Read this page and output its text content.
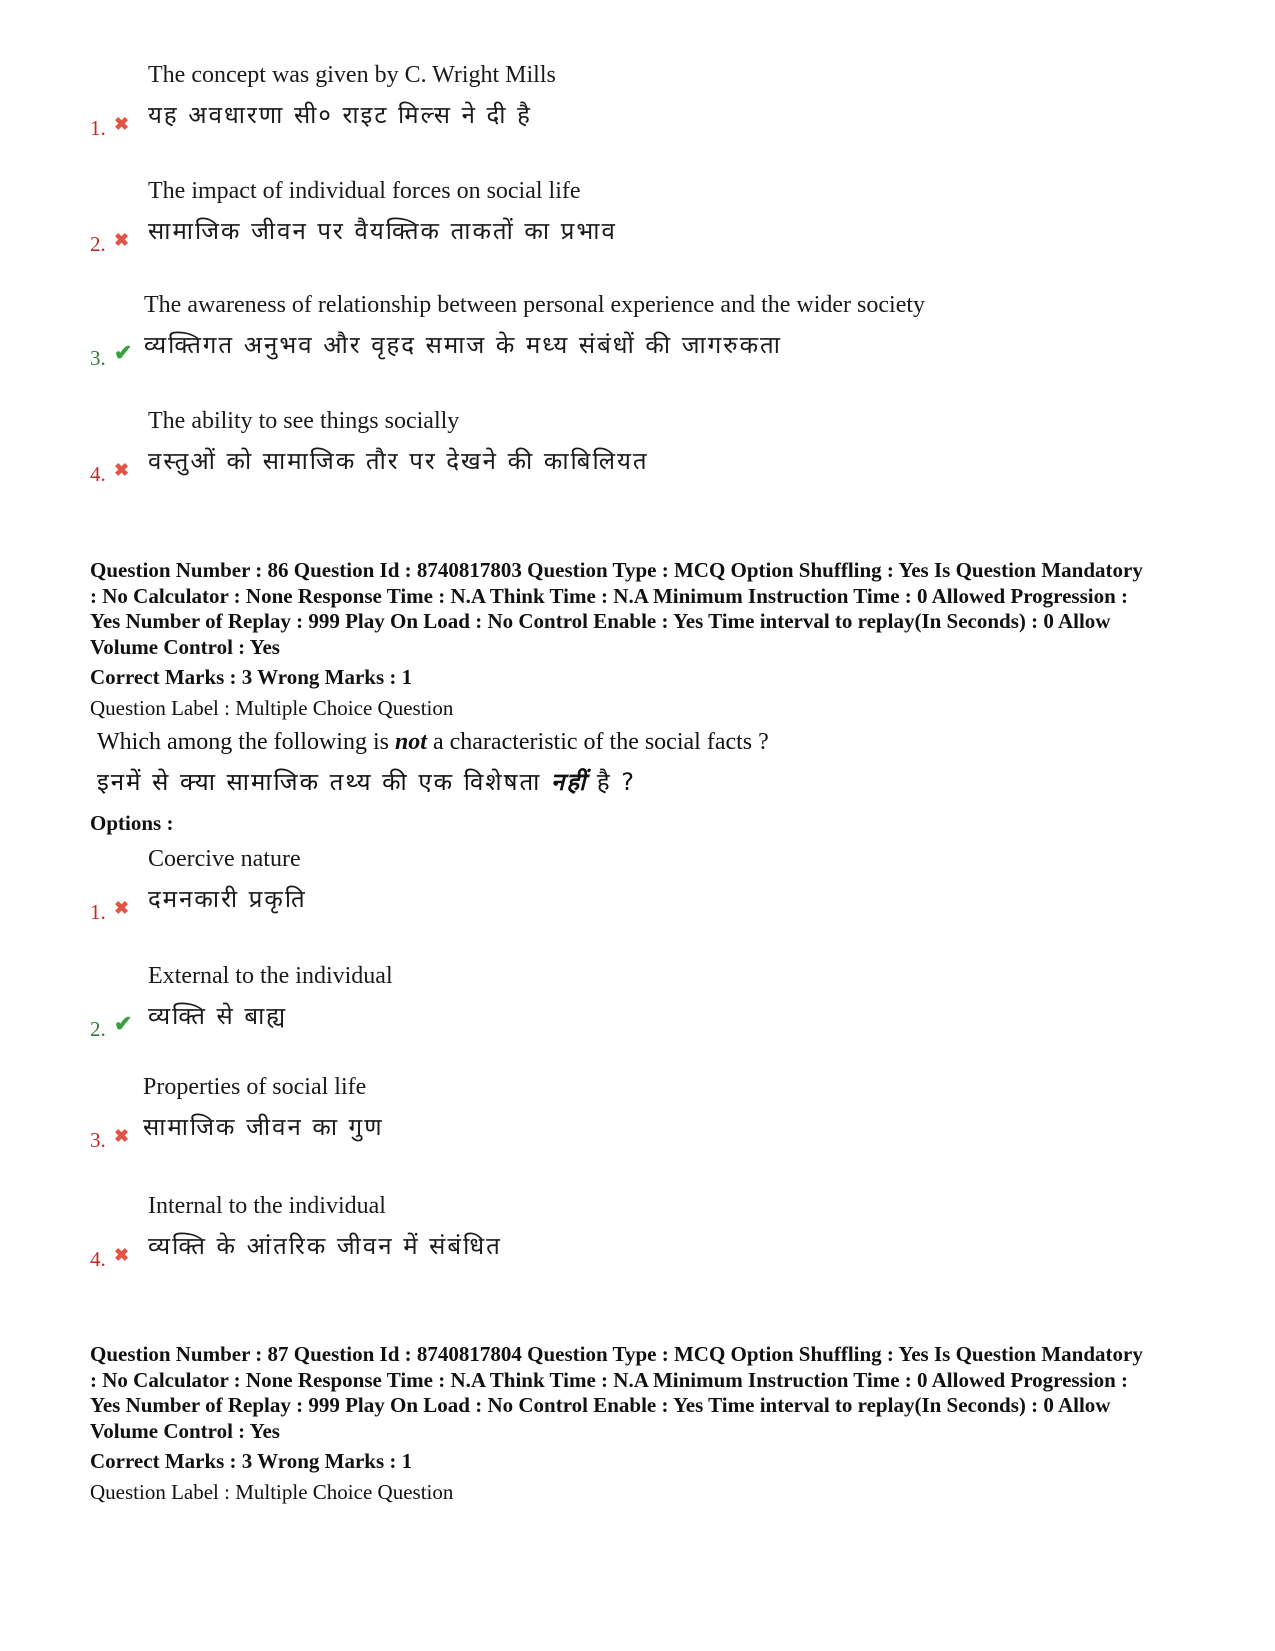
1. ✖
The concept was given by C. Wright Mills
यह अवधारणा सी० राइट मिल्स ने दी है
2. ✖
The impact of individual forces on social life
सामाजिक जीवन पर वैयक्तिक ताकतों का प्रभाव
3. ✔
The awareness of relationship between personal experience and the wider society
व्यक्तिगत अनुभव और वृहद समाज के मध्य संबंधों की जागरुकता
4. ✖
The ability to see things socially
वस्तुओं को सामाजिक तौर पर देखने की काबिलियत
Question Number : 86 Question Id : 8740817803 Question Type : MCQ Option Shuffling : Yes Is Question Mandatory : No Calculator : None Response Time : N.A Think Time : N.A Minimum Instruction Time : 0 Allowed Progression : Yes Number of Replay : 999 Play On Load : No Control Enable : Yes Time interval to replay(In Seconds) : 0 Allow Volume Control : Yes
Correct Marks : 3 Wrong Marks : 1
Question Label : Multiple Choice Question
Which among the following is not a characteristic of the social facts ?
इनमें से क्या सामाजिक तथ्य की एक विशेषता नहीं है ?
Options :
1. ✖
Coercive nature
दमनकारी प्रकृति
2. ✔
External to the individual
व्यक्ति से बाह्य
3. ✖
Properties of social life
सामाजिक जीवन का गुण
4. ✖
Internal to the individual
व्यक्ति के आंतरिक जीवन में संबंधित
Question Number : 87 Question Id : 8740817804 Question Type : MCQ Option Shuffling : Yes Is Question Mandatory : No Calculator : None Response Time : N.A Think Time : N.A Minimum Instruction Time : 0 Allowed Progression : Yes Number of Replay : 999 Play On Load : No Control Enable : Yes Time interval to replay(In Seconds) : 0 Allow Volume Control : Yes
Correct Marks : 3 Wrong Marks : 1
Question Label : Multiple Choice Question
